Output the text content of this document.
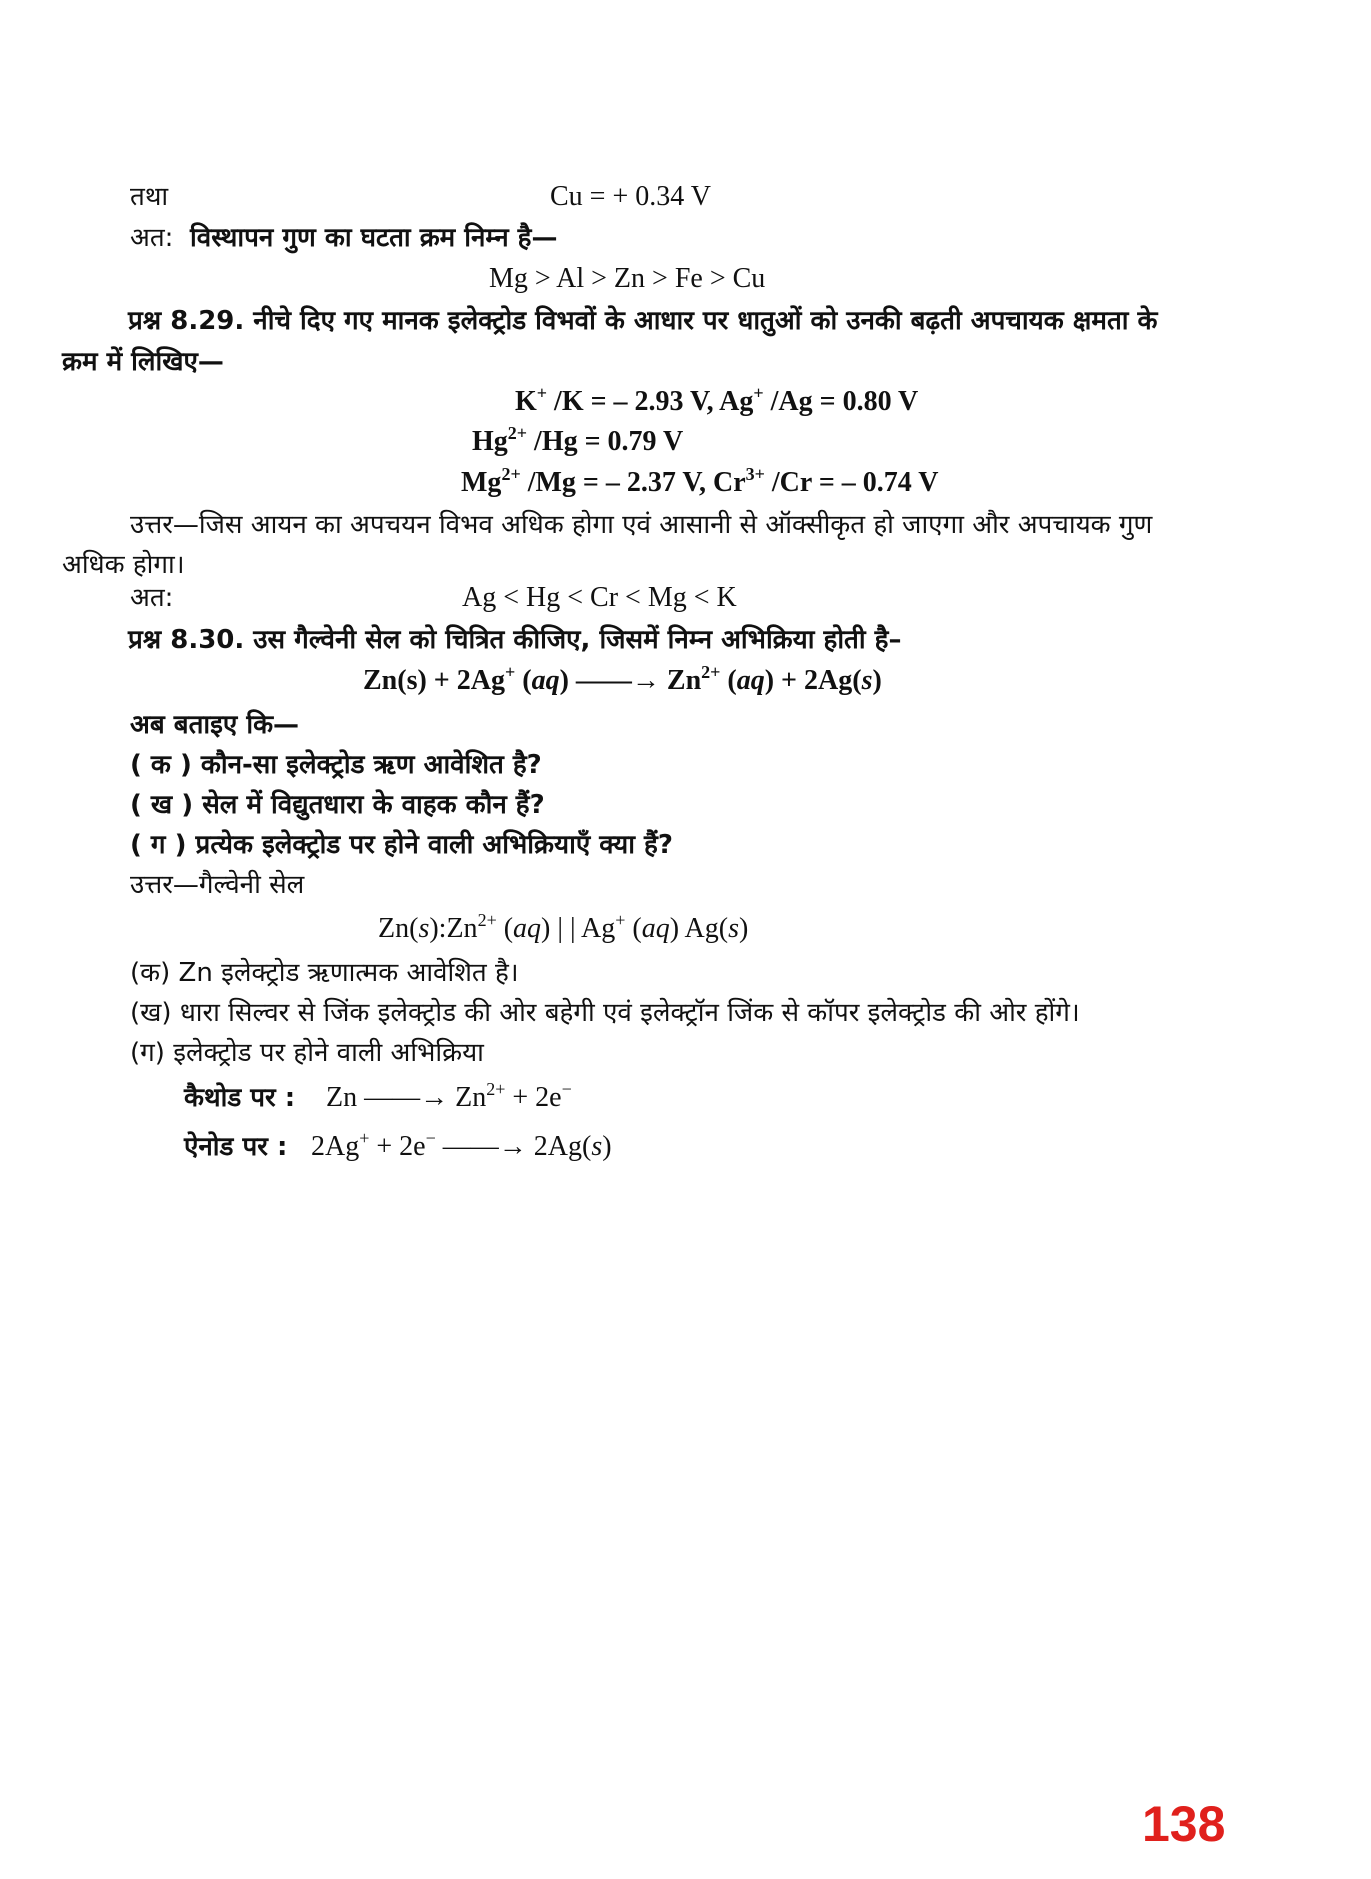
तथा	Cu = + 0.34 V
अत: विस्थापन गुण का घटता क्रम निम्न है—
Mg > Al > Zn > Fe > Cu
प्रश्न 8.29. नीचे दिए गए मानक इलेक्ट्रोड विभवों के आधार पर धातुओं को उनकी बढ़ती अपचायक क्षमता के
क्रम में लिखिए—
K+ /K = – 2.93 V, Ag+ /Ag = 0.80 V
$Hg^{2+}$ /Hg = 0.79 V
$Mg^{2+}$ /Mg = – 2.37 V, $Cr^{3+}$ /Cr = – 0.74 V
उत्तर—जिस आयन का अपचयन विभव अधिक होगा एवं आसानी से ऑक्सीकृत हो जाएगा और अपचायक गुण
अधिक होगा।
अत:	Ag < Hg < Cr < Mg < K
प्रश्न 8.30. उस गैल्वेनी सेल को चित्रित कीजिए, जिसमें निम्न अभिक्रिया होती है–
Zn(s) + 2Ag+ (aq) ——→ $Zn^{2+}$ (aq) + 2Ag(s)
अब बताइए कि—
( क ) कौन-सा इलेक्ट्रोड ऋण आवेशित है?
( ख ) सेल में विद्युतधारा के वाहक कौन हैं?
( ग ) प्रत्येक इलेक्ट्रोड पर होने वाली अभिक्रियाएँ क्या हैं?
उत्तर—गैल्वेनी सेल
$Zn(s):Zn^{2+}$ (aq) | | Ag+ (aq) Ag(s)
(क) Zn इलेक्ट्रोड ऋणात्मक आवेशित है।
(ख) धारा सिल्वर से जिंक इलेक्ट्रोड की ओर बहेगी एवं इलेक्ट्रॉन जिंक से कॉपर इलेक्ट्रोड की ओर होंगे।
(ग) इलेक्ट्रोड पर होने वाली अभिक्रिया
कैथोड पर : Zn ——→ $Zn^{2+} + 2e^-$
ऐनोड पर : 2Ag+ + 2e− ——→ 2Ag(s)
138
